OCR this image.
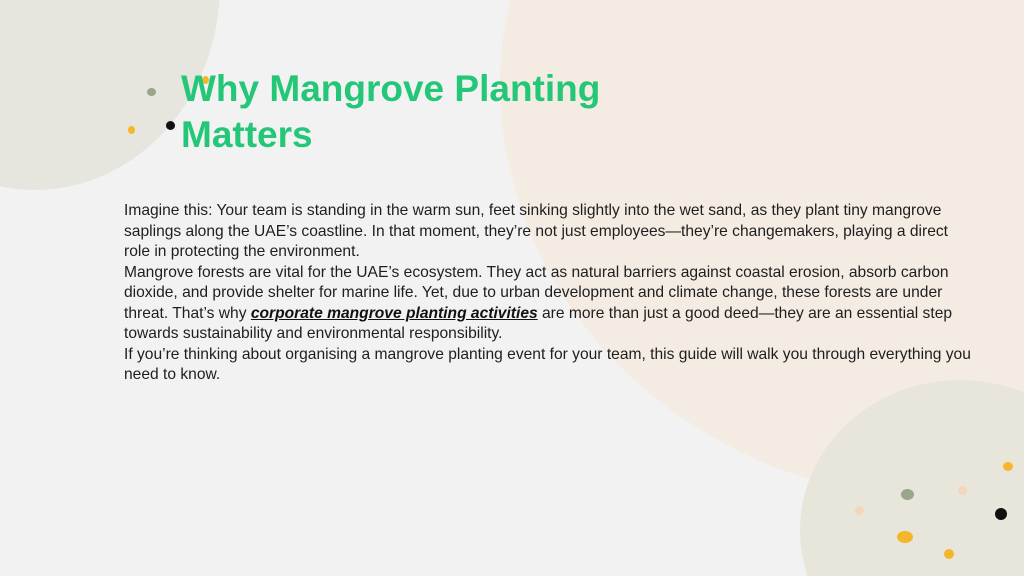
Why Mangrove Planting
Matters

Imagine this: Your team is standing in the warm sun, feet sinking slightly into the wet sand, as they plant tiny mangrove saplings along the UAE’s coastline. In that moment, they’re not just employees—they’re changemakers, playing a direct role in protecting the environment.

Mangrove forests are vital for the UAE’s ecosystem. They act as natural barriers against coastal erosion, absorb carbon dioxide, and provide shelter for marine life. Yet, due to urban development and climate change, these forests are under threat. That’s why corporate mangrove planting activities are more than just a good deed—they are an essential step towards sustainability and environmental responsibility.

If you’re thinking about organising a mangrove planting event for your team, this guide will walk you through everything you need to know.
